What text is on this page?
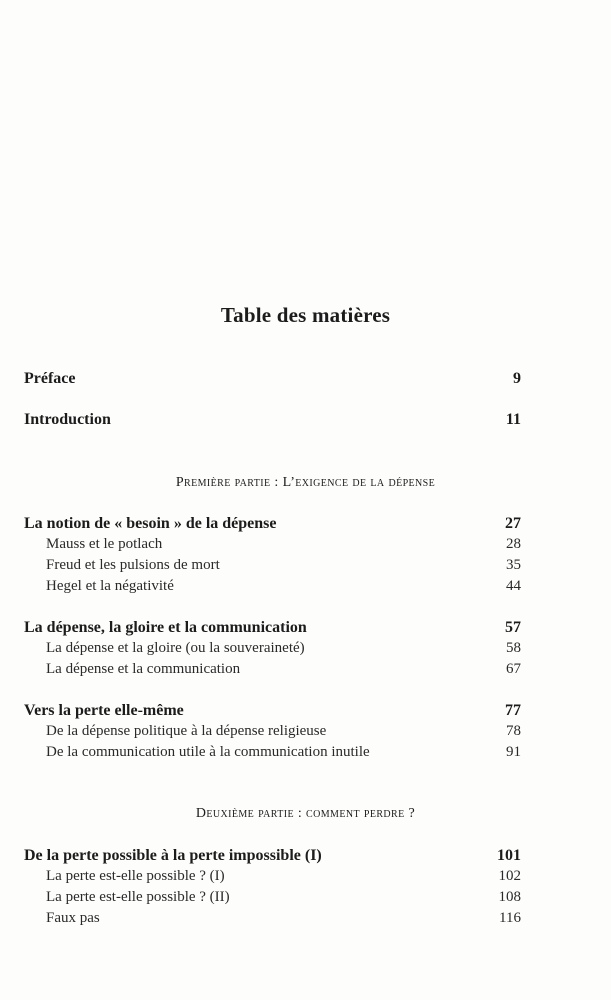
Table des matières
Préface	9
Introduction	11
Première partie : L’exigence de la dépense
La notion de « besoin » de la dépense	27
Mauss et le potlach	28
Freud et les pulsions de mort	35
Hegel et la négativité	44
La dépense, la gloire et la communication	57
La dépense et la gloire (ou la souveraineté)	58
La dépense et la communication	67
Vers la perte elle-même	77
De la dépense politique à la dépense religieuse	78
De la communication utile à la communication inutile	91
Deuxième partie : comment perdre ?
De la perte possible à la perte impossible (I)	101
La perte est-elle possible ? (I)	102
La perte est-elle possible ? (II)	108
Faux pas	116
